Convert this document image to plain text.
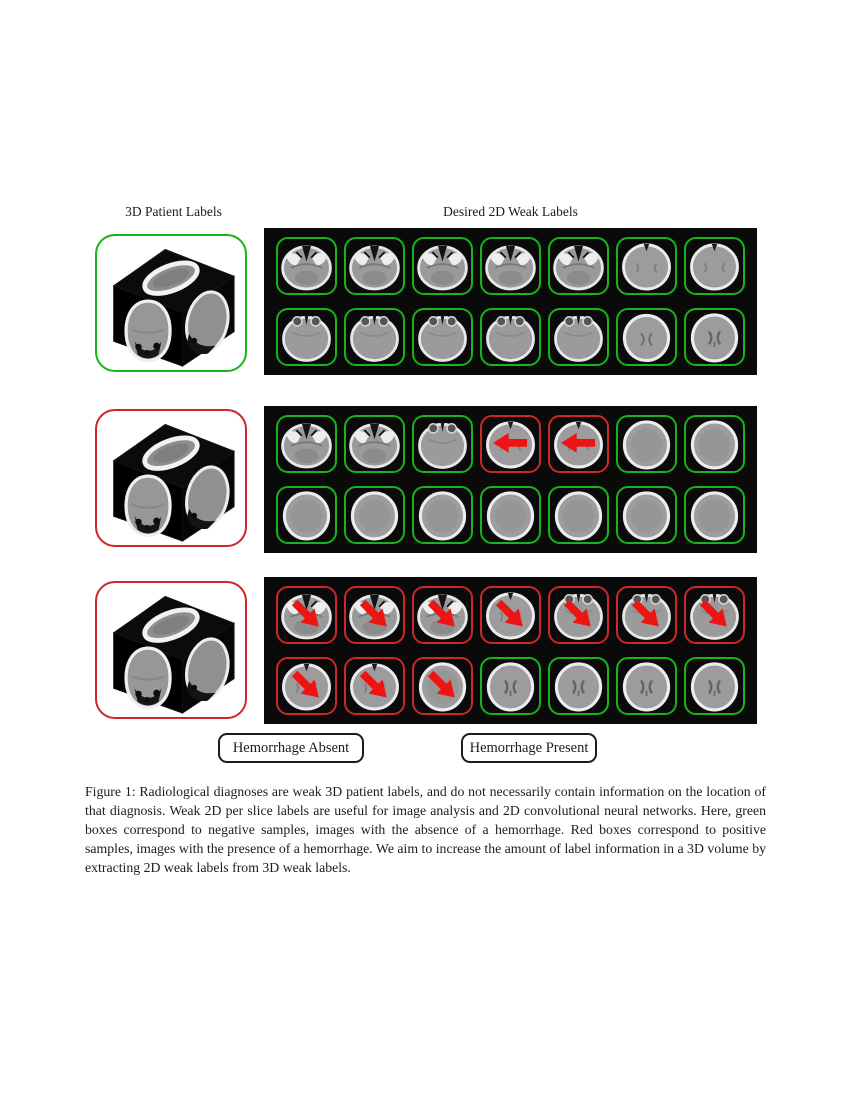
3D Patient Labels	Desired 2D Weak Labels
Hemorrhage Absent	Hemorrhage Present

Figure 1: Radiological diagnoses are weak 3D patient labels, and do not necessarily contain information on the location of that diagnosis. Weak 2D per slice labels are useful for image analysis and 2D convolutional neural networks. Here, green boxes correspond to negative samples, images with the absence of a hemorrhage. Red boxes correspond to positive samples, images with the presence of a hemorrhage. We aim to increase the amount of label information in a 3D volume by extracting 2D weak labels from 3D weak labels.
